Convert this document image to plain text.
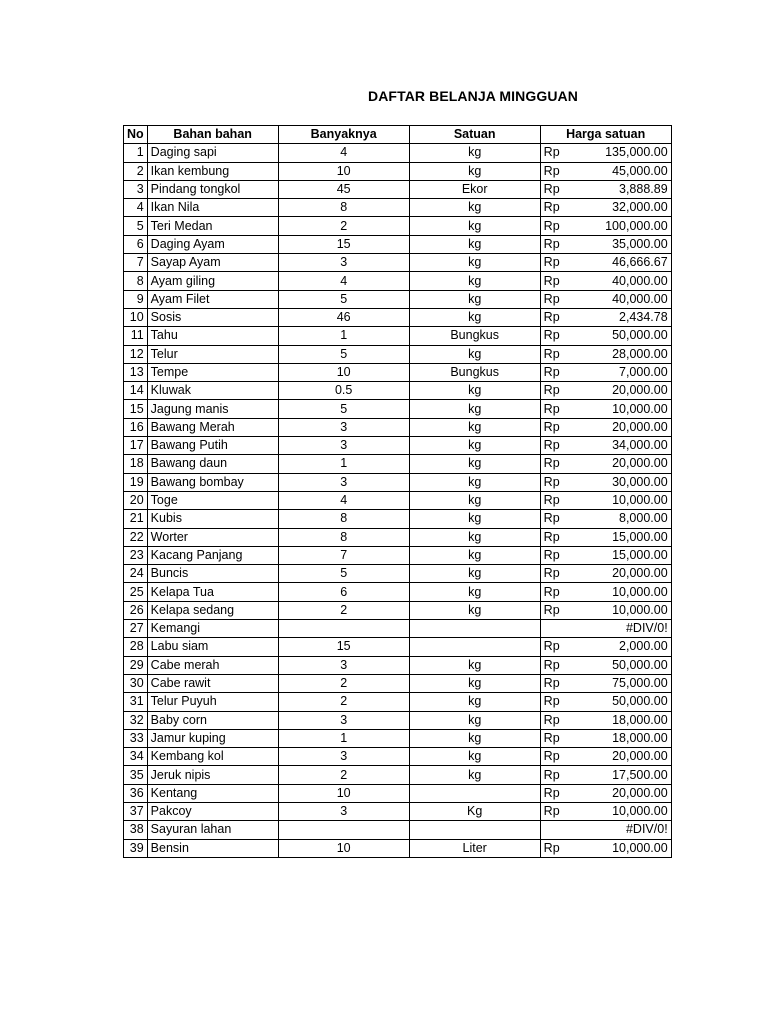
DAFTAR BELANJA MINGGUAN
No	Bahan bahan	Banyaknya	Satuan	Harga satuan
1	Daging sapi	4	kg	Rp 135,000.00

2	Ikan kembung	10	kg	Rp 45,000.00

3	Pindang tongkol	45	Ekor	Rp 3,888.89

4	Ikan Nila	8	kg	Rp 32,000.00

5	Teri Medan	2	kg	Rp 100,000.00

6	Daging Ayam	15	kg	Rp 35,000.00

7	Sayap Ayam	3	kg	Rp 46,666.67

8	Ayam giling	4	kg	Rp 40,000.00

9	Ayam Filet	5	kg	Rp 40,000.00

10	Sosis	46	kg	Rp 2,434.78

11	Tahu	1	Bungkus	Rp 50,000.00

12	Telur	5	kg	Rp 28,000.00

13	Tempe	10	Bungkus	Rp 7,000.00

14	Kluwak	0.5	kg	Rp 20,000.00

15	Jagung manis	5	kg	Rp 10,000.00

16	Bawang Merah	3	kg	Rp 20,000.00

17	Bawang Putih	3	kg	Rp 34,000.00

18	Bawang daun	1	kg	Rp 20,000.00

19	Bawang bombay	3	kg	Rp 30,000.00

20	Toge	4	kg	Rp 10,000.00

21	Kubis	8	kg	Rp 8,000.00

22	Worter	8	kg	Rp 15,000.00

23	Kacang Panjang	7	kg	Rp 15,000.00

24	Buncis	5	kg	Rp 20,000.00

25	Kelapa Tua	6	kg	Rp 10,000.00

26	Kelapa sedang	2	kg	Rp 10,000.00

27	Kemangi			#DIV/0!

28	Labu siam	15		Rp 2,000.00

29	Cabe merah	3	kg	Rp 50,000.00

30	Cabe rawit	2	kg	Rp 75,000.00

31	Telur Puyuh	2	kg	Rp 50,000.00

32	Baby corn	3	kg	Rp 18,000.00

33	Jamur kuping	1	kg	Rp 18,000.00

34	Kembang kol	3	kg	Rp 20,000.00

35	Jeruk nipis	2	kg	Rp 17,500.00

36	Kentang	10		Rp 20,000.00

37	Pakcoy	3	Kg	Rp 10,000.00

38	Sayuran lahan			#DIV/0!

39	Bensin	10	Liter	Rp 10,000.00
